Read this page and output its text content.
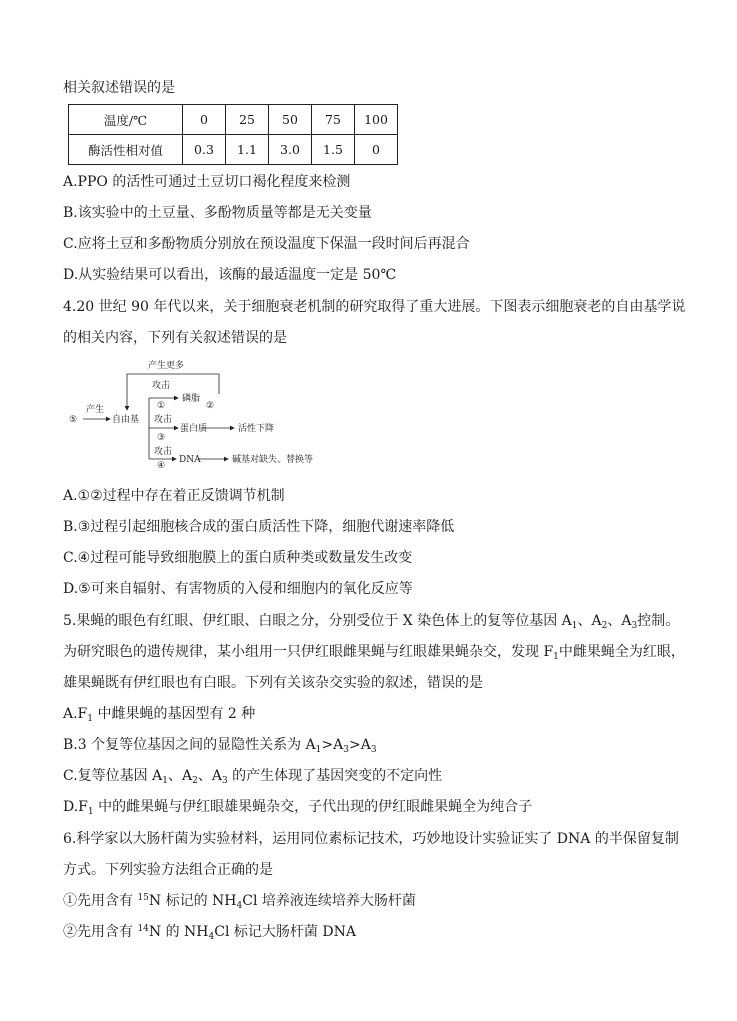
相关叙述错误的是
温度/℃	0	25	50	75	100
酶活性相对值	0.3	1.1	3.0	1.5	0
A.PPO 的活性可通过土豆切口褐化程度来检测
B.该实验中的土豆量、多酚物质量等都是无关变量
C.应将土豆和多酚物质分别放在预设温度下保温一段时间后再混合
D.从实验结果可以看出，该酶的最适温度一定是 50℃
4.20 世纪 90 年代以来，关于细胞衰老机制的研究取得了重大进展。下图表示细胞衰老的自由基学说
的相关内容，下列有关叙述错误的是
产生更多
攻击
磷脂
①	②
产生
⑤	自由基 攻击
蛋白质	活性下降
③
攻击
DNA	碱基对缺失、替换等
④
A.①②过程中存在着正反馈调节机制
B.③过程引起细胞核合成的蛋白质活性下降，细胞代谢速率降低
C.④过程可能导致细胞膜上的蛋白质种类或数量发生改变
D.⑤可来自辐射、有害物质的入侵和细胞内的氧化反应等
5.果蝇的眼色有红眼、伊红眼、白眼之分，分别受位于 X 染色体上的复等位基因 $A_1$、$A_2$、$A_3$控制。
为研究眼色的遗传规律，某小组用一只伊红眼雌果蝇与红眼雄果蝇杂交，发现 $F_1$中雌果蝇全为红眼，
雄果蝇既有伊红眼也有白眼。下列有关该杂交实验的叙述，错误的是
$A.F_1$ 中雌果蝇的基因型有 2 种
B.3 个复等位基因之间的显隐性关系为 $A_1>A_3>A_3$
C.复等位基因 $A_1$、$A_2$、$A_3$ 的产生体现了基因突变的不定向性
$D.F_1$ 中的雌果蝇与伊红眼雄果蝇杂交，子代出现的伊红眼雌果蝇全为纯合子
6.科学家以大肠杆菌为实验材料，运用同位素标记技术，巧妙地设计实验证实了 DNA 的半保留复制
方式。下列实验方法组合正确的是
①先用含有 $^{15}$N 标记的 $NH_4Cl$ 培养液连续培养大肠杆菌
②先用含有 $^{14}$N 的 $NH_4Cl$ 标记大肠杆菌 DNA
